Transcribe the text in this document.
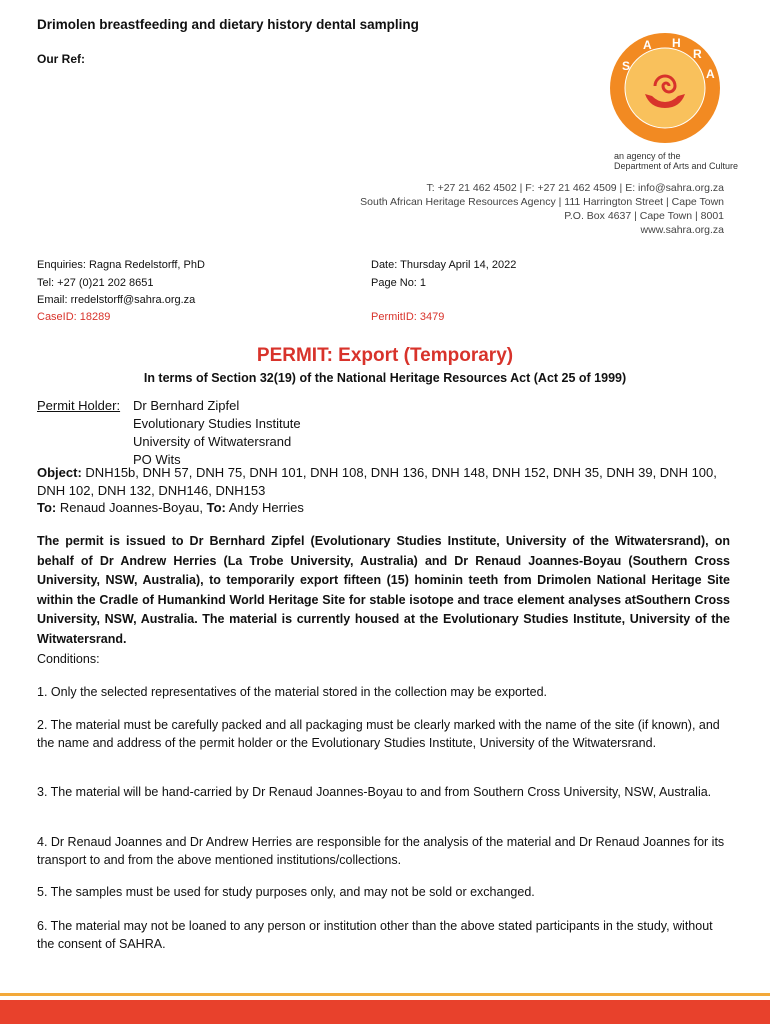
Drimolen breastfeeding and dietary history dental sampling
Our Ref:	S
A H
R
A
an agency of the
Department of Arts and Culture
T: +27 21 462 4502 | F: +27 21 462 4509 | E: info@sahra.org.za
South African Heritage Resources Agency | 111 Harrington Street | Cape Town
P.O. Box 4637 | Cape Town | 8001
www.sahra.org.za
Enquiries: Ragna Redelstorff, PhD
Tel: +27 (0)21 202 8651
Email: rredelstorff@sahra.org.za
CaseID: 18289
Date: Thursday April 14, 2022
Page No: 1
PermitID: 3479
PERMIT: Export (Temporary)
In terms of Section 32(19) of the National Heritage Resources Act (Act 25 of 1999)
Permit Holder: Dr Bernhard Zipfel
Evolutionary Studies Institute
University of Witwatersrand
PO Wits
Object: DNH15b, DNH 57, DNH 75, DNH 101, DNH 108, DNH 136, DNH 148, DNH 152, DNH 35, DNH 39, DNH 100, DNH 102, DNH 132, DNH146, DNH153
To: Renaud Joannes-Boyau, To: Andy Herries
The permit is issued to Dr Bernhard Zipfel (Evolutionary Studies Institute, University of the Witwatersrand), on behalf of Dr Andrew Herries (La Trobe University, Australia) and Dr Renaud Joannes-Boyau (Southern Cross University, NSW, Australia), to temporarily export fifteen (15) hominin teeth from Drimolen National Heritage Site within the Cradle of Humankind World Heritage Site for stable isotope and trace element analyses atSouthern Cross University, NSW, Australia. The material is currently housed at the Evolutionary Studies Institute, University of the Witwatersrand.
Conditions:
1. Only the selected representatives of the material stored in the collection may be exported.
2. The material must be carefully packed and all packaging must be clearly marked with the name of the site (if known), and the name and address of the permit holder or the Evolutionary Studies Institute, University of the Witwatersrand.
3. The material will be hand-carried by Dr Renaud Joannes-Boyau to and from Southern Cross University, NSW, Australia.
4. Dr Renaud Joannes and Dr Andrew Herries are responsible for the analysis of the material and Dr Renaud Joannes for its transport to and from the above mentioned institutions/collections.
5. The samples must be used for study purposes only, and may not be sold or exchanged.
6. The material may not be loaned to any person or institution other than the above stated participants in the study, without the consent of SAHRA.
